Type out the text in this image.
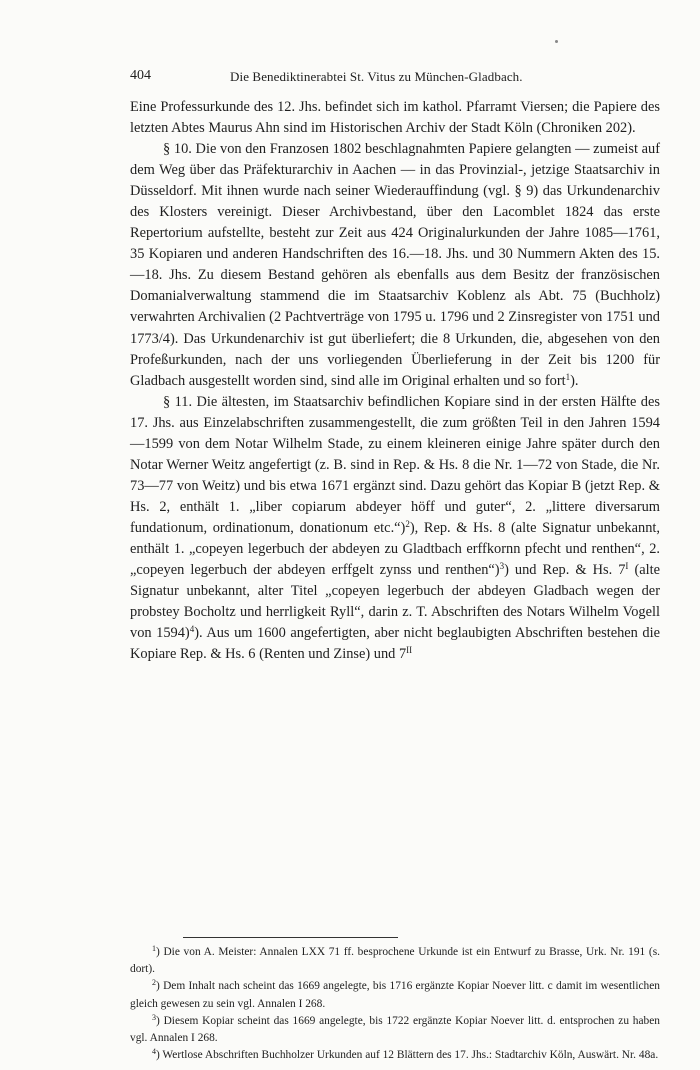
404	Die Benediktinerabtei St. Vitus zu München-Gladbach.

Eine Professurkunde des 12. Jhs. befindet sich im kathol. Pfarramt Viersen; die Papiere des letzten Abtes Maurus Ahn sind im Historischen Archiv der Stadt Köln (Chroniken 202).

§ 10. Die von den Franzosen 1802 beschlagnahmten Papiere gelangten — zumeist auf dem Weg über das Präfekturarchiv in Aachen — in das Provinzial-, jetzige Staatsarchiv in Düsseldorf. Mit ihnen wurde nach seiner Wiederauffindung (vgl. § 9) das Urkundenarchiv des Klosters vereinigt. Dieser Archivbestand, über den Lacomblet 1824 das erste Repertorium aufstellte, besteht zur Zeit aus 424 Originalurkunden der Jahre 1085—1761, 35 Kopiaren und anderen Handschriften des 16.—18. Jhs. und 30 Nummern Akten des 15.—18. Jhs. Zu diesem Bestand gehören als ebenfalls aus dem Besitz der französischen Domanialverwaltung stammend die im Staatsarchiv Koblenz als Abt. 75 (Buchholz) verwahrten Archivalien (2 Pachtverträge von 1795 u. 1796 und 2 Zinsregister von 1751 und 1773/4). Das Urkundenarchiv ist gut überliefert; die 8 Urkunden, die, abgesehen von den Profeßurkunden, nach der uns vorliegenden Überlieferung in der Zeit bis 1200 für Gladbach ausgestellt worden sind, sind alle im Original erhalten und so fort$^1$).

§ 11. Die ältesten, im Staatsarchiv befindlichen Kopiare sind in der ersten Hälfte des 17. Jhs. aus Einzelabschriften zusammengestellt, die zum größten Teil in den Jahren 1594—1599 von dem Notar Wilhelm Stade, zu einem kleineren einige Jahre später durch den Notar Werner Weitz angefertigt (z. B. sind in Rep. & Hs. 8 die Nr. 1—72 von Stade, die Nr. 73—77 von Weitz) und bis etwa 1671 ergänzt sind. Dazu gehört das Kopiar B (jetzt Rep. & Hs. 2, enthält 1. „liber copiarum abdeyer höff und guter“, 2. „littere diversarum fundationum, ordinationum, donationum etc.“)$^2$), Rep. & Hs. 8 (alte Signatur unbekannt, enthält 1. „copeyen legerbuch der abdeyen zu Gladtbach erffkornn pfecht und renthen“, 2. „copeyen legerbuch der abdeyen erffgelt zynss und renthen“)$^3$) und Rep. & Hs. $7^I$ (alte Signatur unbekannt, alter Titel „copeyen legerbuch der abdeyen Gladbach wegen der probstey Bocholtz und herrligkeit Ryll“, darin z. T. Abschriften des Notars Wilhelm Vogell von 1594)$^4$). Aus um 1600 angefertigten, aber nicht beglaubigten Abschriften bestehen die Kopiare Rep. & Hs. 6 (Renten und Zinse) und $7^{II}$

$^1$) Die von A. Meister: Annalen LXX 71 ff. besprochene Urkunde ist ein Entwurf zu Brasse, Urk. Nr. 191 (s. dort).

$^2$) Dem Inhalt nach scheint das 1669 angelegte, bis 1716 ergänzte Kopiar Noever litt. c damit im wesentlichen gleich gewesen zu sein vgl. Annalen I 268.

$^3$) Diesem Kopiar scheint das 1669 angelegte, bis 1722 ergänzte Kopiar Noever litt. d. entsprochen zu haben vgl. Annalen I 268.

$^4$) Wertlose Abschriften Buchholzer Urkunden auf 12 Blättern des 17. Jhs.: Stadtarchiv Köln, Auswärt. Nr. 48a.
